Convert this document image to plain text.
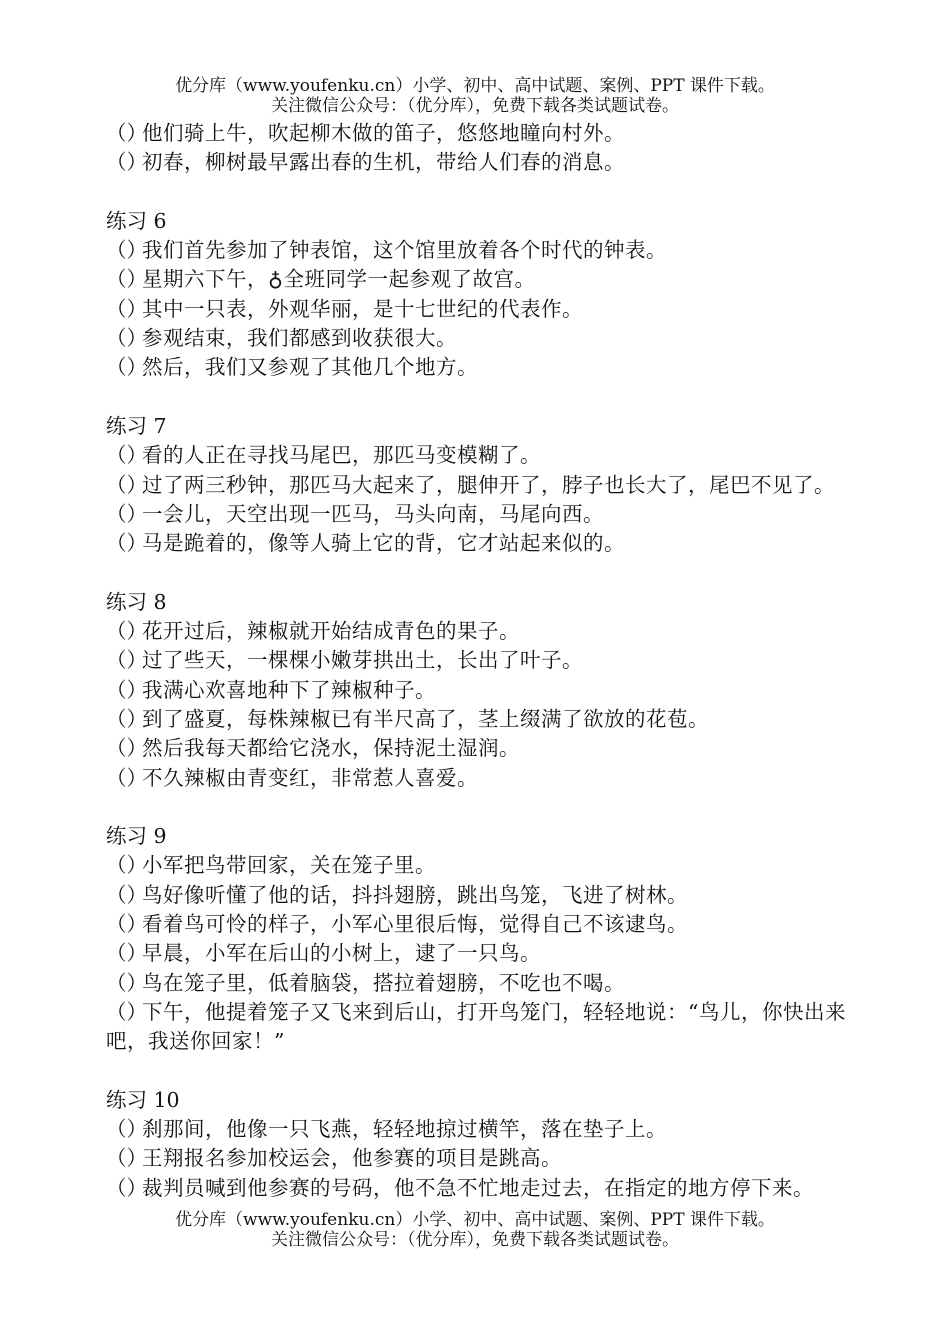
优分库（www.youfenku.cn）小学、初中、高中试题、案例、PPT 课件下载。
关注微信公众号：（优分库），免费下载各类试题试卷。
（）他们骑上牛，吹起柳木做的笛子，悠悠地瞳向村外。
（）初春，柳树最早露出春的生机，带给人们春的消息。
练习 6
（）我们首先参加了钟表馆，这个馆里放着各个时代的钟表。
（）星期六下午，♁全班同学一起参观了故宫。
（）其中一只表，外观华丽，是十七世纪的代表作。
（）参观结束，我们都感到收获很大。
（）然后，我们又参观了其他几个地方。
练习 7
（）看的人正在寻找马尾巴，那匹马变模糊了。
（）过了两三秒钟，那匹马大起来了，腿伸开了，脖子也长大了，尾巴不见了。
（）一会儿，天空出现一匹马，马头向南，马尾向西。
（）马是跪着的，像等人骑上它的背，它才站起来似的。
练习 8
（）花开过后，辣椒就开始结成青色的果子。
（）过了些天，一棵棵小嫩芽拱出土，长出了叶子。
（）我满心欢喜地种下了辣椒种子。
（）到了盛夏，每株辣椒已有半尺高了，茎上缀满了欲放的花苞。
（）然后我每天都给它浇水，保持泥土湿润。
（）不久辣椒由青变红，非常惹人喜爱。
练习 9
（）小军把鸟带回家，关在笼子里。
（）鸟好像听懂了他的话，抖抖翅膀，跳出鸟笼，飞进了树林。
（）看着鸟可怜的样子，小军心里很后悔，觉得自己不该逮鸟。
（）早晨，小军在后山的小树上，逮了一只鸟。
（）鸟在笼子里，低着脑袋，搭拉着翅膀，不吃也不喝。
（）下午，他提着笼子又飞来到后山，打开鸟笼门，轻轻地说：“鸟儿，你快出来吧，我送你回家！”
练习 10
（）刹那间，他像一只飞燕，轻轻地掠过横竿，落在垫子上。
（）王翔报名参加校运会，他参赛的项目是跳高。
（）裁判员喊到他参赛的号码，他不急不忙地走过去，在指定的地方停下来。
优分库（www.youfenku.cn）小学、初中、高中试题、案例、PPT 课件下载。
关注微信公众号：（优分库），免费下载各类试题试卷。
